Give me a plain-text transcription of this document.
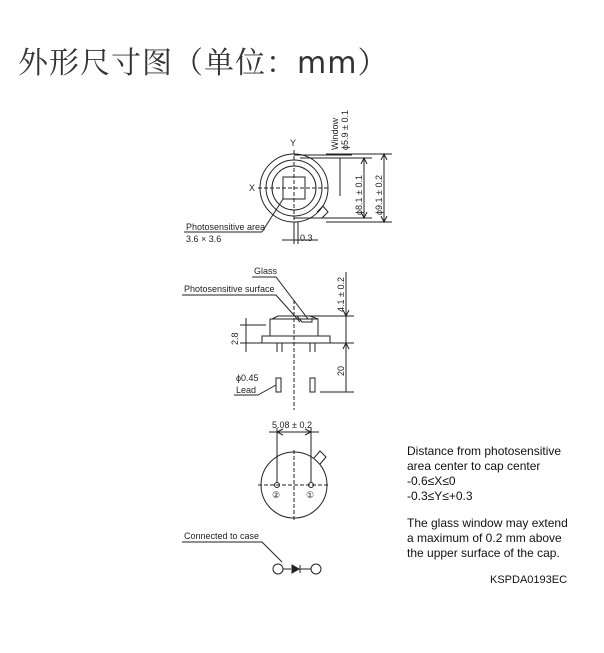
外形尺寸图（单位：mm）
Window ϕ5.9 ± 0.1
ϕ8.1 ± 0.1 ϕ9.1 ± 0.2
X
Y
Photosensitive area
3.6 × 3.6	0.3
Glass
Photosensitive surface	4.1 ± 0.2
2.8
20
ϕ0.45
Lead
5.08 ± 0.2
②	①
Connected to case
Distance from photosensitive
area center to cap center
-0.6≤X≤0
-0.3≤Y≤+0.3
The glass window may extend
a maximum of 0.2 mm above
the upper surface of the cap.
KSPDA0193EC
